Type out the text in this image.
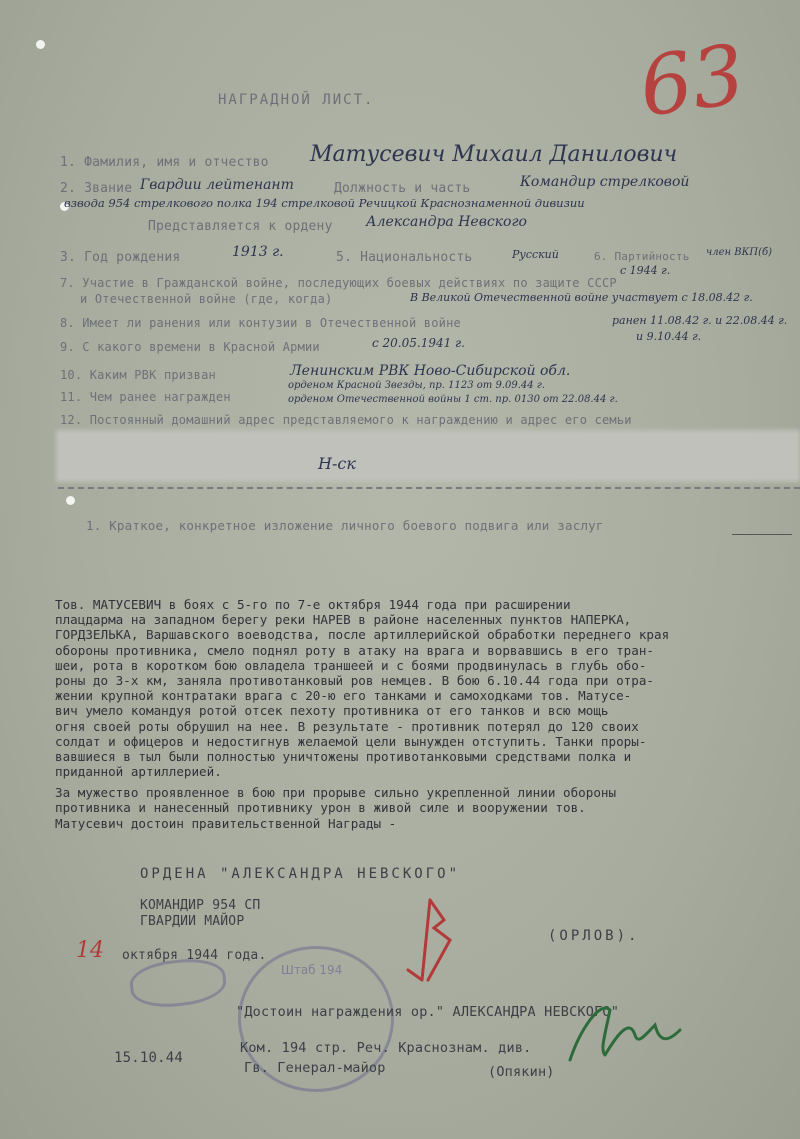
НАГРАДНОЙ ЛИСТ.	63
1. Фамилия, имя и отчество Матусевич Михаил Данилович
2. Звание Гвардии лейтенант	Должность и часть	Командир стрелковой
взвода 954 стрелкового полка 194 стрелковой Речицкой Краснознаменной дивизии
Представляется к ордену Александра Невского
3. Год рождения	1913 г.	5. Национальность	Русский	6. Партийность член ВКП(б)
с 1944 г.
7. Участие в Гражданской войне, последующих боевых действиях по защите СССР
и Отечественной войне (где, когда)	В Великой Отечественной войне участвует с 18.08.42 г.
8. Имеет ли ранения или контузии в Отечественной войне	ранен 11.08.42 г. и 22.08.44 г.
и 9.10.44 г.
9. С какого времени в Красной Армии	с 20.05.1941 г.
10. Каким РВК призван	Ленинским РВК Ново-Сибирской обл.
11. Чем ранее награжден
орденом Красной Звезды, пр. 1123 от 9.09.44 г.
орденом Отечественной войны 1 ст. пр. 0130 от 22.08.44 г.
12. Постоянный домашний адрес представляемого к награждению и адрес его семьи
Н-ск
1. Краткое, конкретное изложение личного боевого подвига или заслуг
Тов. МАТУСЕВИЧ в боях с 5-го по 7-е октября 1944 года при расширении
плацдарма на западном берегу реки НАРЕВ в районе населенных пунктов НАПЕРКА,
ГОРДЗЕЛЬКА, Варшавского воеводства, после артиллерийской обработки переднего края
обороны противника, смело поднял роту в атаку на врага и ворвавшись в его тран-
шеи, рота в коротком бою овладела траншеей и с боями продвинулась в глубь обо-
роны до 3-х км, заняла противотанковый ров немцев. В бою 6.10.44 года при отра-
жении крупной контратаки врага с 20-ю его танками и самоходками тов. Матусе-
вич умело командуя ротой отсек пехоту противника от его танков и всю мощь
огня своей роты обрушил на нее. В результате - противник потерял до 120 своих
солдат и офицеров и недостигнув желаемой цели вынужден отступить. Танки проры-
вавшиеся в тыл были полностью уничтожены противотанковыми средствами полка и
приданной артиллерией.
За мужество проявленное в бою при прорыве сильно укрепленной линии обороны
противника и нанесенный противнику урон в живой силе и вооружении тов.
Матусевич достоин правительственной Награды -
ОРДЕНА "АЛЕКСАНДРА НЕВСКОГО"
КОМАНДИР 954 СП
ГВАРДИИ МАЙОР
(ОРЛОВ).
14 октября 1944 года.
Штаб 194
"Достоин награждения ор." АЛЕКСАНДРА НЕВСКОГО"
15.10.44
Ком. 194 стр. Реч. Краснознам. див.
Гв. Генерал-майор	(Опякин)
